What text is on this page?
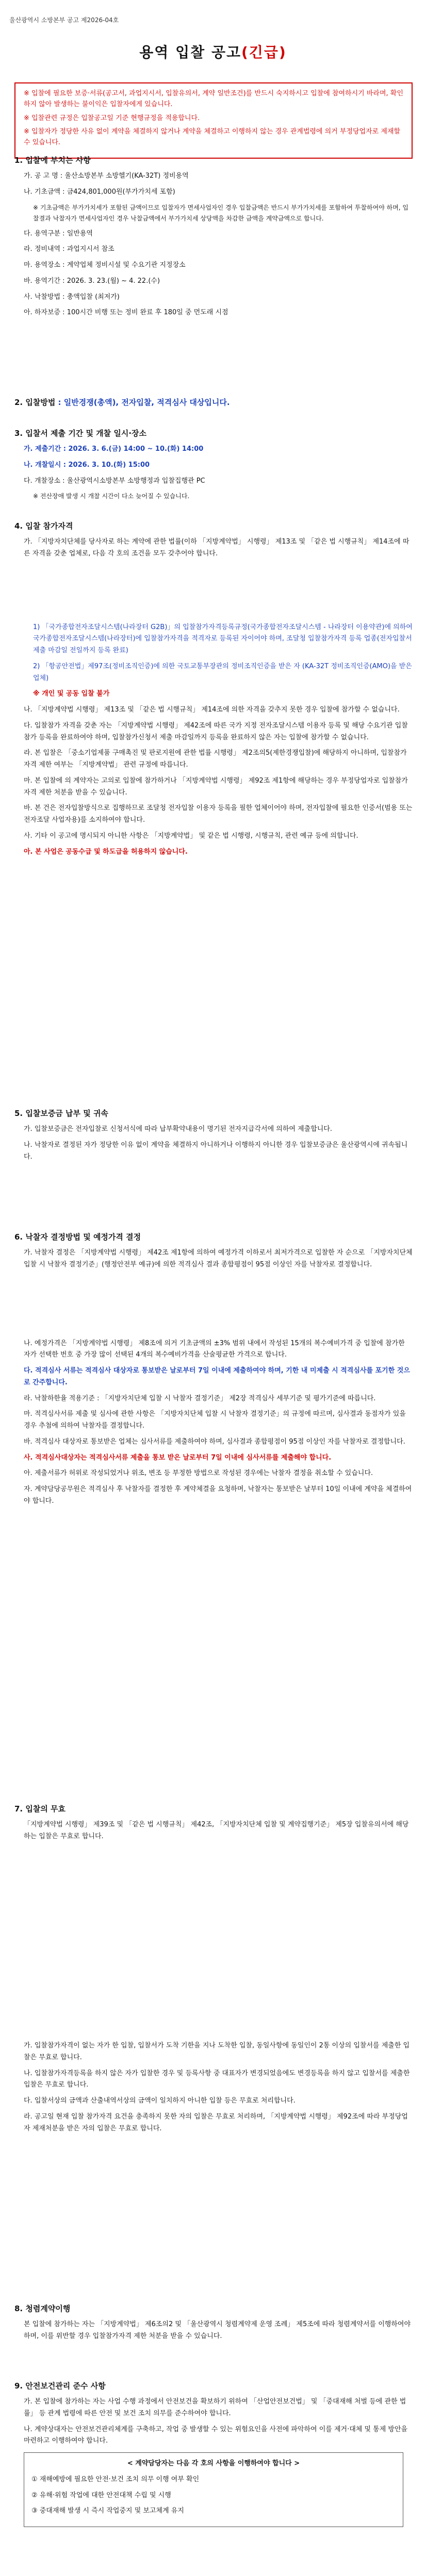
울산광역시 소방본부 공고 제2026-04호
용역 입찰 공고(긴급)

※ 입찰에 필요한 보증·서류(공고서, 과업지시서, 입찰유의서, 계약 일반조건)를 반드시 숙지하시고 입찰에 참여하시기 바라며, 확인하지 않아 발생하는 불이익은 입찰자에게 있습니다.

※ 입찰관련 규정은 입찰공고일 기준 현행규정을 적용합니다.

※ 입찰자가 정당한 사유 없이 계약을 체결하지 않거나 계약을 체결하고 이행하지 않는 경우 관계법령에 의거 부정당업자로 제재할 수 있습니다.

1. 입찰에 부치는 사항

가. 공 고 명 : 울산소방본부 소방헬기(KA-32T) 정비용역

나. 기초금액 : 금424,801,000원(부가가치세 포함)

※ 기초금액은 부가가치세가 포함된 금액이므로 입찰자가 면세사업자인 경우 입찰금액은 반드시 부가가치세를 포함하여 투찰하여야 하며, 입찰결과 낙찰자가 면세사업자인 경우 낙찰금액에서 부가가치세 상당액을 차감한 금액을 계약금액으로 합니다.

다. 용역구분 : 일반용역

라. 정비내역 : 과업지시서 참조

마. 용역장소 : 계약업체 정비시설 및 수요기관 지정장소

바. 용역기간 : 2026. 3. 23.(월) ~ 4. 22.(수)

사. 낙찰방법 : 총액입찰 (최저가)

아. 하자보증 : 100시간 비행 또는 정비 완료 후 180일 중 먼도래 시점

2. 입찰방법 : 일반경쟁(총액), 전자입찰, 적격심사 대상입니다.
3. 입찰서 제출 기간 및 개찰 일시·장소

가. 제출기간 : 2026. 3. 6.(금) 14:00 ~ 10.(화) 14:00

나. 개찰일시 : 2026. 3. 10.(화) 15:00

다. 개찰장소 : 울산광역시소방본부 소방행정과 입찰집행관 PC

※ 전산장애 발생 시 개찰 시간이 다소 늦어질 수 있습니다.

4. 입찰 참가자격

가. 「지방자치단체를 당사자로 하는 계약에 관한 법률(이하 「지방계약법」 시행령」 제13조 및 「같은 법 시행규칙」 제14조에 따른 자격을 갖춘 업체로, 다음 각 호의 조건을 모두 갖추어야 합니다.

1) 「국가종합전자조달시스템(나라장터 G2B)」의 입찰참가자격등록규정(국가종합전자조달시스템 - 나라장터 이용약관)에 의하여 국가종합전자조달시스템(나라장터)에 입찰참가자격을 적격자로 등록된 자이어야 하며, 조달청 입찰참가자격 등록 업종(전자입찰서 제출 마감일 전일까지 등록 완료)

2) 「항공안전법」제97조(정비조직인증)에 의한 국토교통부장관의 정비조직인증을 받은 자 (KA-32T 정비조직인증(AMO)을 받은 업체)

※ 개인 및 공동 입찰 불가

나. 「지방계약법 시행령」 제13조 및 「같은 법 시행규칙」 제14조에 의한 자격을 갖추지 못한 경우 입찰에 참가할 수 없습니다.

다. 입찰참가 자격을 갖춘 자는 「지방계약법 시행령」 제42조에 따른 국가 지정 전자조달시스템 이용자 등록 및 해당 수요기관 입찰 참가 등록을 완료하여야 하며, 입찰참가신청서 제출 마감일까지 등록을 완료하지 않은 자는 입찰에 참가할 수 없습니다.

라. 본 입찰은 「중소기업제품 구매촉진 및 판로지원에 관한 법률 시행령」 제2조의5(제한경쟁입찰)에 해당하지 아니하며, 입찰참가자격 제한 여부는 「지방계약법」 관련 규정에 따릅니다.

마. 본 입찰에 의 계약자는 고의로 입찰에 참가하거나 「지방계약법 시행령」 제92조 제1항에 해당하는 경우 부정당업자로 입찰참가자격 제한 처분을 받을 수 있습니다.

바. 본 건은 전자입찰방식으로 집행하므로 조달청 전자입찰 이용자 등록을 필한 업체이어야 하며, 전자입찰에 필요한 인증서(범용 또는 전자조달 사업자용)를 소지하여야 합니다.

사. 기타 이 공고에 명시되지 아니한 사항은 「지방계약법」 및 같은 법 시행령, 시행규칙, 관련 예규 등에 의합니다.

아. 본 사업은 공동수급 및 하도급을 허용하지 않습니다.

5. 입찰보증금 납부 및 귀속

가. 입찰보증금은 전자입찰로 신청서식에 따라 납부확약내용이 명기된 전자지급각서에 의하여 제출합니다.

나. 낙찰자로 결정된 자가 정당한 이유 없이 계약을 체결하지 아니하거나 이행하지 아니한 경우 입찰보증금은 울산광역시에 귀속됩니다.

6. 낙찰자 결정방법 및 예정가격 결정

가. 낙찰자 결정은 「지방계약법 시행령」 제42조 제1항에 의하여 예정가격 이하로서 최저가격으로 입찰한 자 순으로 「지방자치단체 입찰 시 낙찰자 결정기준」(행정안전부 예규)에 의한 적격심사 결과 종합평점이 95점 이상인 자를 낙찰자로 결정합니다.

나. 예정가격은 「지방계약법 시행령」 제8조에 의거 기초금액의 ±3% 범위 내에서 작성된 15개의 복수예비가격 중 입찰에 참가한 자가 선택한 번호 중 가장 많이 선택된 4개의 복수예비가격을 산술평균한 가격으로 합니다.

다. 적격심사 서류는 적격심사 대상자로 통보받은 날로부터 7일 이내에 제출하여야 하며, 기한 내 미제출 시 적격심사를 포기한 것으로 간주합니다.

라. 낙찰하한율 적용기준 : 「지방자치단체 입찰 시 낙찰자 결정기준」 제2장 적격심사 세부기준 및 평가기준에 따릅니다.

마. 적격심사서류 제출 및 심사에 관한 사항은 「지방자치단체 입찰 시 낙찰자 결정기준」의 규정에 따르며, 심사결과 동점자가 있을 경우 추첨에 의하여 낙찰자를 결정합니다.

바. 적격심사 대상자로 통보받은 업체는 심사서류를 제출하여야 하며, 심사결과 종합평점이 95점 이상인 자를 낙찰자로 결정합니다.

사. 적격심사대상자는 적격심사서류 제출을 통보 받은 날로부터 7일 이내에 심사서류를 제출해야 합니다.

아. 제출서류가 허위로 작성되었거나 위조, 변조 등 부정한 방법으로 작성된 경우에는 낙찰자 결정을 취소할 수 있습니다.

자. 계약담당공무원은 적격심사 후 낙찰자를 결정한 후 계약체결을 요청하며, 낙찰자는 통보받은 날부터 10일 이내에 계약을 체결하여야 합니다.

7. 입찰의 무효

「지방계약법 시행령」 제39조 및 「같은 법 시행규칙」 제42조, 「지방자치단체 입찰 및 계약집행기준」 제5장 입찰유의서에 해당하는 입찰은 무효로 합니다.

가. 입찰참가자격이 없는 자가 한 입찰, 입찰서가 도착 기한을 지나 도착한 입찰, 동일사항에 동일인이 2통 이상의 입찰서를 제출한 입찰은 무효로 합니다.

나. 입찰참가자격등록을 하지 않은 자가 입찰한 경우 및 등록사항 중 대표자가 변경되었음에도 변경등록을 하지 않고 입찰서를 제출한 입찰은 무효로 합니다.

다. 입찰서상의 금액과 산출내역서상의 금액이 일치하지 아니한 입찰 등은 무효로 처리합니다.

라. 공고일 현재 입찰 참가자격 요건을 충족하지 못한 자의 입찰은 무효로 처리하며, 「지방계약법 시행령」 제92조에 따라 부정당업자 제재처분을 받은 자의 입찰은 무효로 합니다.

8. 청렴계약이행

본 입찰에 참가하는 자는 「지방계약법」 제6조의2 및 「울산광역시 청렴계약제 운영 조례」 제5조에 따라 청렴계약서를 이행하여야 하며, 이를 위반할 경우 입찰참가자격 제한 처분을 받을 수 있습니다.

9. 안전보건관리 준수 사항

가. 본 입찰에 참가하는 자는 사업 수행 과정에서 안전보건을 확보하기 위하여 「산업안전보건법」 및 「중대재해 처벌 등에 관한 법률」 등 관계 법령에 따른 안전 및 보건 조치 의무를 준수하여야 합니다.

나. 계약상대자는 안전보건관리체계를 구축하고, 작업 중 발생할 수 있는 위험요인을 사전에 파악하여 이를 제거·대체 및 통제 방안을 마련하고 이행하여야 합니다.

< 계약담당자는 다음 각 호의 사항을 이행하여야 합니다 >

① 재해예방에 필요한 안전·보건 조치 의무 이행 여부 확인

② 유해·위험 작업에 대한 안전대책 수립 및 시행

③ 중대재해 발생 시 즉시 작업중지 및 보고체계 유지
